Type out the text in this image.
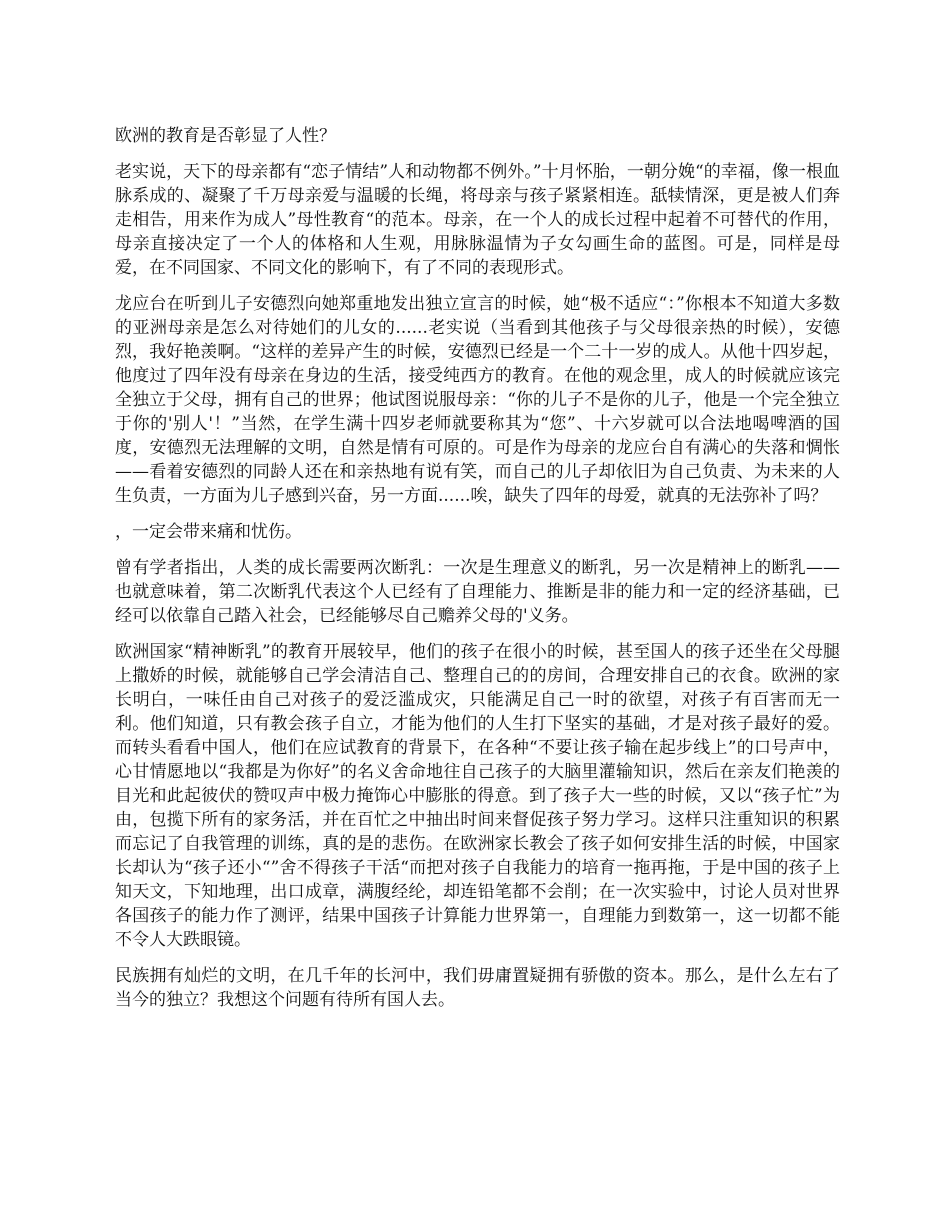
欧洲的教育是否彰显了人性？

老实说，天下的母亲都有“恋子情结”人和动物都不例外。”十月怀胎，一朝分娩“的幸福，像一根血脉系成的、凝聚了千万母亲爱与温暖的长绳，将母亲与孩子紧紧相连。舐犊情深，更是被人们奔走相告，用来作为成人”母性教育“的范本。母亲，在一个人的成长过程中起着不可替代的作用，母亲直接决定了一个人的体格和人生观，用脉脉温情为子女勾画生命的蓝图。可是，同样是母爱，在不同国家、不同文化的影响下，有了不同的表现形式。

龙应台在听到儿子安德烈向她郑重地发出独立宣言的时候，她“极不适应“：”你根本不知道大多数的亚洲母亲是怎么对待她们的儿女的......老实说（当看到其他孩子与父母很亲热的时候），安德烈，我好艳羡啊。“这样的差异产生的时候，安德烈已经是一个二十一岁的成人。从他十四岁起，他度过了四年没有母亲在身边的生活，接受纯西方的教育。在他的观念里，成人的时候就应该完全独立于父母，拥有自己的世界；他试图说服母亲：“你的儿子不是你的儿子，他是一个完全独立于你的'别人'！”当然，在学生满十四岁老师就要称其为“您”、十六岁就可以合法地喝啤酒的国度，安德烈无法理解的文明，自然是情有可原的。可是作为母亲的龙应台自有满心的失落和惆怅——看着安德烈的同龄人还在和亲热地有说有笑，而自己的儿子却依旧为自己负责、为未来的人生负责，一方面为儿子感到兴奋，另一方面......唉，缺失了四年的母爱，就真的无法弥补了吗？

，一定会带来痛和忧伤。

曾有学者指出，人类的成长需要两次断乳：一次是生理意义的断乳，另一次是精神上的断乳——也就意味着，第二次断乳代表这个人已经有了自理能力、推断是非的能力和一定的经济基础，已经可以依靠自己踏入社会，已经能够尽自己赡养父母的'义务。

欧洲国家“精神断乳”的教育开展较早，他们的孩子在很小的时候，甚至国人的孩子还坐在父母腿上撒娇的时候，就能够自己学会清洁自己、整理自己的的房间，合理安排自己的衣食。欧洲的家长明白，一味任由自己对孩子的爱泛滥成灾，只能满足自己一时的欲望，对孩子有百害而无一利。他们知道，只有教会孩子自立，才能为他们的人生打下坚实的基础，才是对孩子最好的爱。而转头看看中国人，他们在应试教育的背景下，在各种“不要让孩子输在起步线上”的口号声中，心甘情愿地以“我都是为你好”的名义舍命地往自己孩子的大脑里灌输知识，然后在亲友们艳羡的目光和此起彼伏的赞叹声中极力掩饰心中膨胀的得意。到了孩子大一些的时候，又以“孩子忙”为由，包揽下所有的家务活，并在百忙之中抽出时间来督促孩子努力学习。这样只注重知识的积累而忘记了自我管理的训练，真的是的悲伤。在欧洲家长教会了孩子如何安排生活的时候，中国家长却认为“孩子还小“”舍不得孩子干活“而把对孩子自我能力的培育一拖再拖，于是中国的孩子上知天文，下知地理，出口成章，满腹经纶，却连铅笔都不会削；在一次实验中，讨论人员对世界各国孩子的能力作了测评，结果中国孩子计算能力世界第一，自理能力到数第一，这一切都不能不令人大跌眼镜。

民族拥有灿烂的文明，在几千年的长河中，我们毋庸置疑拥有骄傲的资本。那么，是什么左右了当今的独立？我想这个问题有待所有国人去。
